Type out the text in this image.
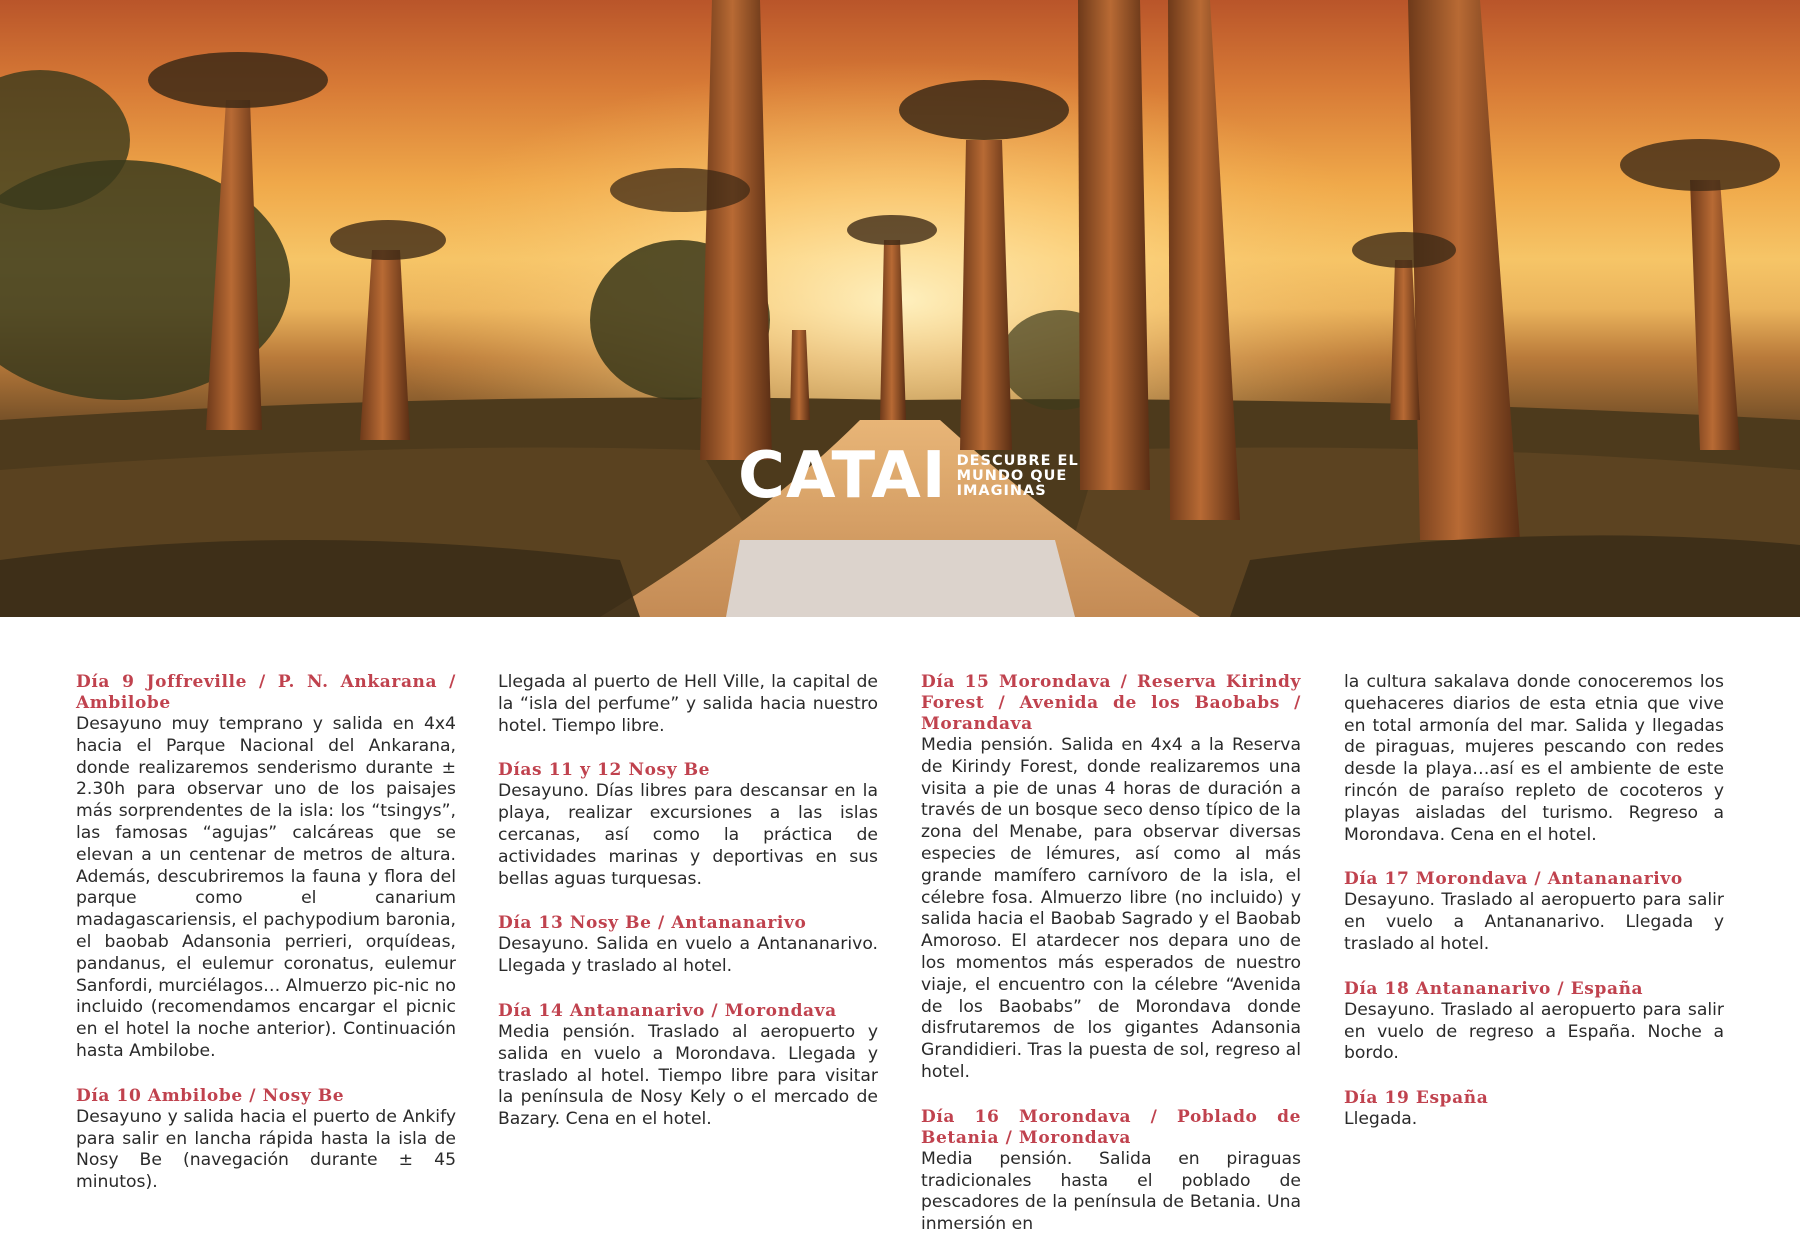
CATAI DESCUBRE EL
MUNDO QUE
IMAGINAS
Día 9 Joffreville / P. N. Ankarana / Ambilobe
Desayuno muy temprano y salida en 4x4 hacia el Parque Nacional del Ankarana, donde realizaremos senderismo durante ± 2.30h para observar uno de los paisajes más sorprendentes de la isla: los “tsingys”, las famosas “agujas” calcáreas que se elevan a un centenar de metros de altura. Además, descubriremos la fauna y flora del parque como el canarium madagascariensis, el pachypodium baronia, el baobab Adansonia perrieri, orquídeas, pandanus, el eulemur coronatus, eulemur Sanfordi, murciélagos… Almuerzo pic-nic no incluido (recomendamos encargar el picnic en el hotel la noche anterior). Continuación hasta Ambilobe.
Día 10 Ambilobe / Nosy Be
Desayuno y salida hacia el puerto de Ankify para salir en lancha rápida hasta la isla de Nosy Be (navegación durante ± 45 minutos).
Llegada al puerto de Hell Ville, la capital de la “isla del perfume” y salida hacia nuestro hotel. Tiempo libre.
Días 11 y 12 Nosy Be
Desayuno. Días libres para descansar en la playa, realizar excursiones a las islas cercanas, así como la práctica de actividades marinas y deportivas en sus bellas aguas turquesas.
Día 13 Nosy Be / Antananarivo
Desayuno. Salida en vuelo a Antananarivo. Llegada y traslado al hotel.
Día 14 Antananarivo / Morondava
Media pensión. Traslado al aeropuerto y salida en vuelo a Morondava. Llegada y traslado al hotel. Tiempo libre para visitar la península de Nosy Kely o el mercado de Bazary. Cena en el hotel.
Día 15 Morondava / Reserva Kirindy Forest / Avenida de los Baobabs / Morandava
Media pensión. Salida en 4x4 a la Reserva de Kirindy Forest, donde realizaremos una visita a pie de unas 4 horas de duración a través de un bosque seco denso típico de la zona del Menabe, para observar diversas especies de lémures, así como al más grande mamífero carnívoro de la isla, el célebre fosa. Almuerzo libre (no incluido) y salida hacia el Baobab Sagrado y el Baobab Amoroso. El atardecer nos depara uno de los momentos más esperados de nuestro viaje, el encuentro con la célebre “Avenida de los Baobabs” de Morondava donde disfrutaremos de los gigantes Adansonia Grandidieri. Tras la puesta de sol, regreso al hotel.
Día 16 Morondava / Poblado de Betania / Morondava
Media pensión. Salida en piraguas tradicionales hasta el poblado de pescadores de la península de Betania. Una inmersión en
la cultura sakalava donde conoceremos los quehaceres diarios de esta etnia que vive en total armonía del mar. Salida y llegadas de piraguas, mujeres pescando con redes desde la playa…así es el ambiente de este rincón de paraíso repleto de cocoteros y playas aisladas del turismo. Regreso a Morondava. Cena en el hotel.
Día 17 Morondava / Antananarivo
Desayuno. Traslado al aeropuerto para salir en vuelo a Antananarivo. Llegada y traslado al hotel.
Día 18 Antananarivo / España
Desayuno. Traslado al aeropuerto para salir en vuelo de regreso a España. Noche a bordo.
Día 19 España
Llegada.
